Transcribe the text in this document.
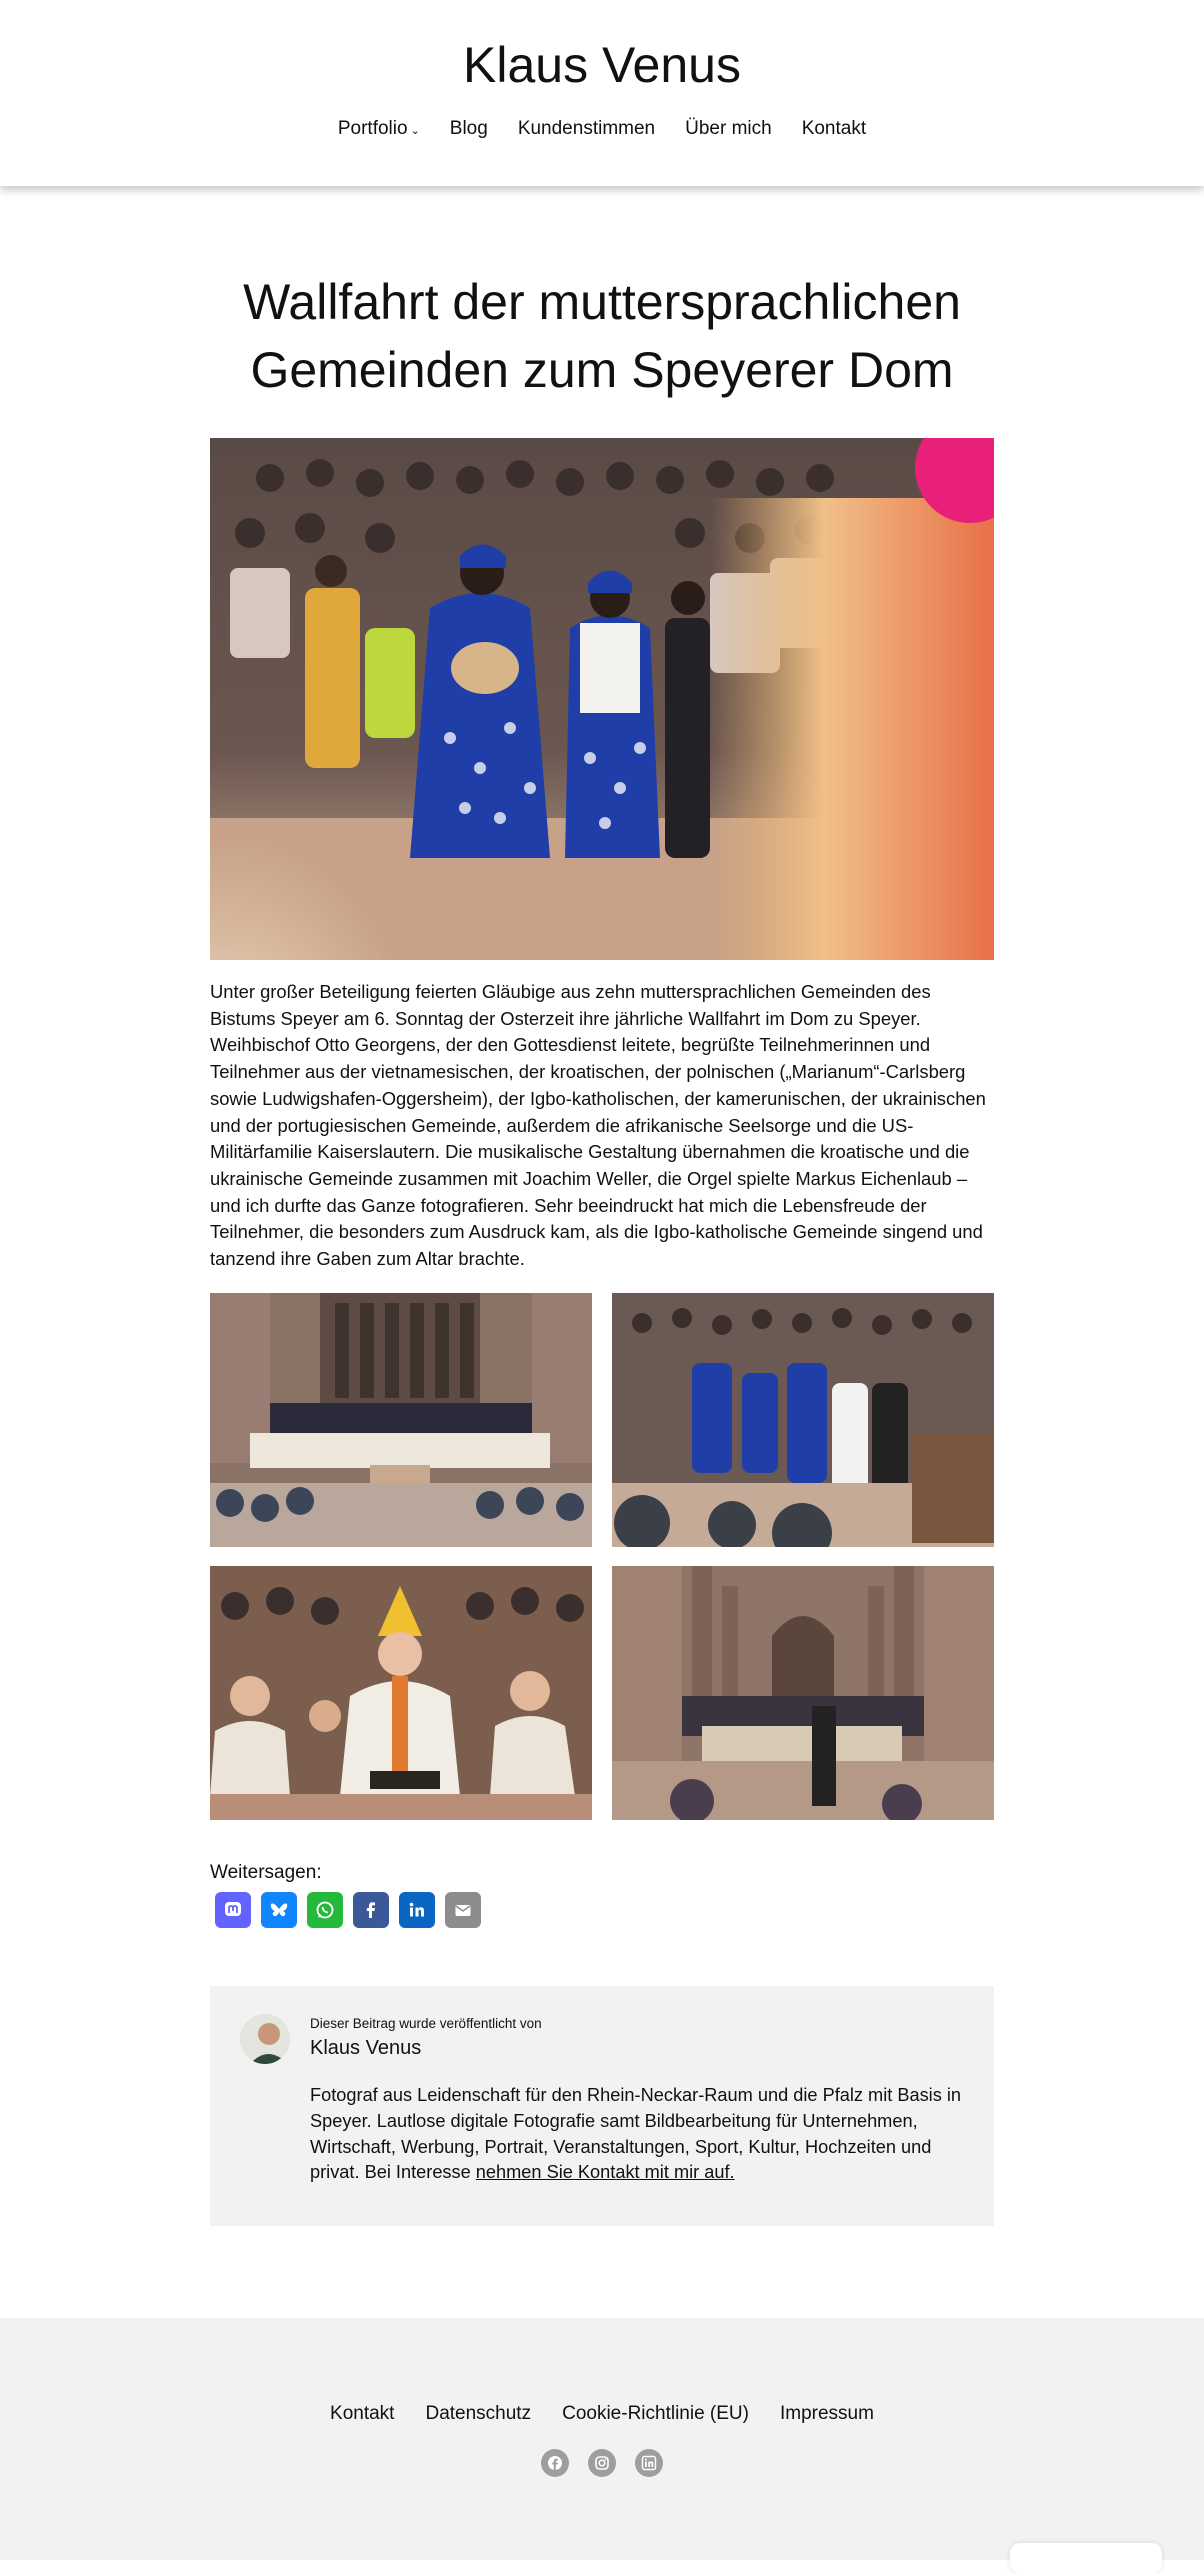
Klaus Venus
Portfolio ⌄ Blog Kundenstimmen Über mich Kontakt
Wallfahrt der muttersprachlichen Gemeinden zum Speyerer Dom

Unter großer Beteiligung feierten Gläubige aus zehn muttersprachlichen Gemeinden des Bistums Speyer am 6. Sonntag der Osterzeit ihre jährliche Wallfahrt im Dom zu Speyer. Weihbischof Otto Georgens, der den Gottesdienst leitete, begrüßte Teilnehmerinnen und Teilnehmer aus der vietnamesischen, der kroatischen, der polnischen („Marianum“-Carlsberg sowie Ludwigshafen-Oggersheim), der Igbo-katholischen, der kamerunischen, der ukrainischen und der portugiesischen Gemeinde, außerdem die afrikanische Seelsorge und die US-Militärfamilie Kaiserslautern. Die musikalische Gestaltung übernahmen die kroatische und die ukrainische Gemeinde zusammen mit Joachim Weller, die Orgel spielte Markus Eichenlaub – und ich durfte das Ganze fotografieren. Sehr beeindruckt hat mich die Lebensfreude der Teilnehmer, die besonders zum Ausdruck kam, als die Igbo-katholische Gemeinde singend und tanzend ihre Gaben zum Altar brachte.

Weitersagen:
Dieser Beitrag wurde veröffentlicht von
Klaus Venus
Fotograf aus Leidenschaft für den Rhein-Neckar-Raum und die Pfalz mit Basis in Speyer. Lautlose digitale Fotografie samt Bildbearbeitung für Unternehmen, Wirtschaft, Werbung, Portrait, Veranstaltungen, Sport, Kultur, Hochzeiten und privat. Bei Interesse nehmen Sie Kontakt mit mir auf.
Kontakt Datenschutz Cookie-Richtlinie (EU) Impressum
